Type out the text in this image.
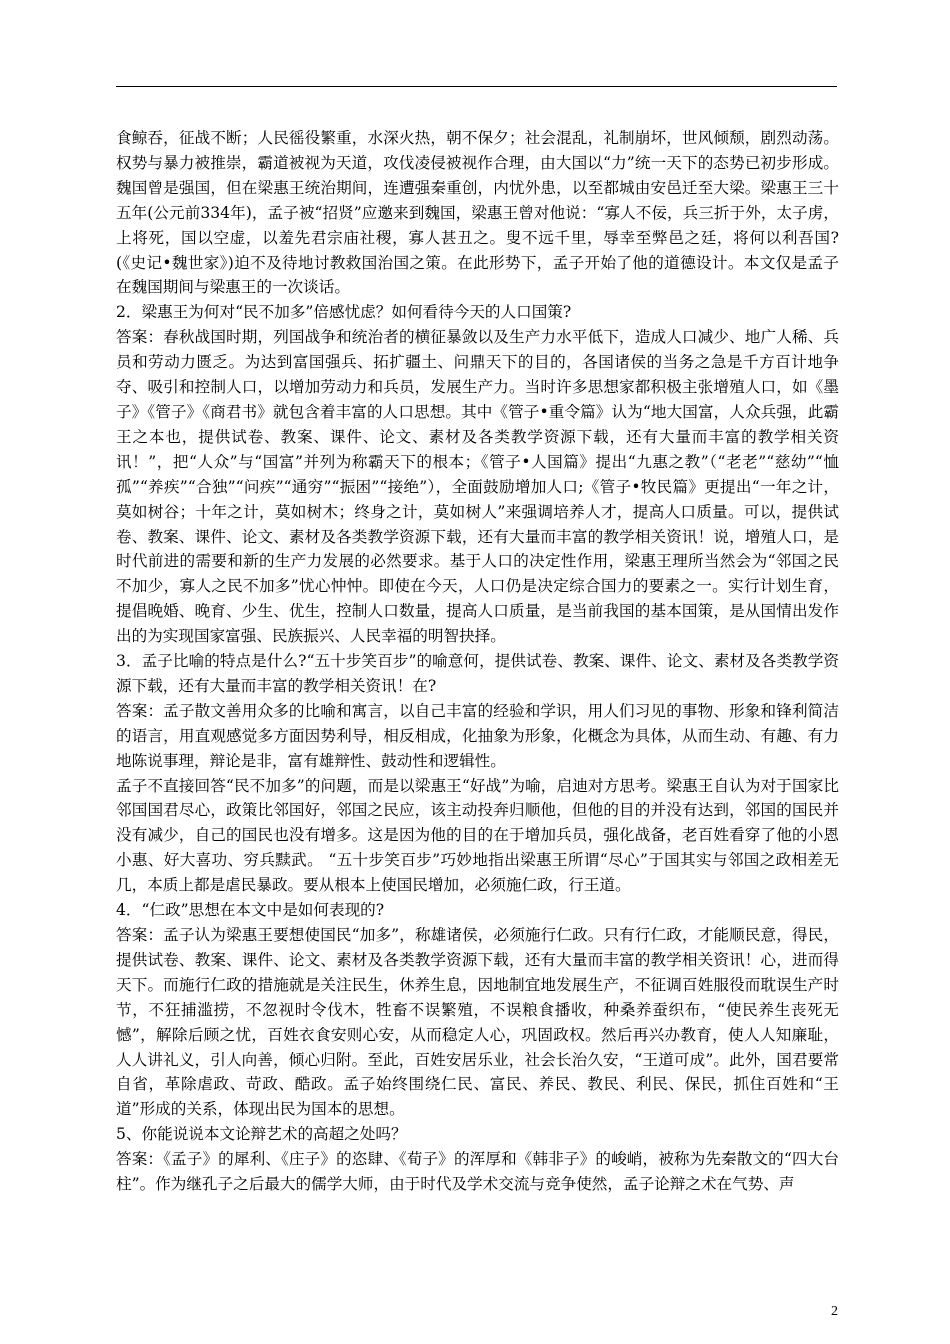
食鲸吞，征战不断；人民徭役繁重，水深火热，朝不保夕；社会混乱，礼制崩坏，世风倾颓，剧烈动荡。权势与暴力被推崇，霸道被视为天道，攻伐凌侵被视作合理，由大国以“力”统一天下的态势已初步形成。魏国曾是强国，但在梁惠王统治期间，连遭强秦重创，内忧外患，以至都城由安邑迁至大梁。梁惠王三十五年(公元前334年)，孟子被“招贤”应邀来到魏国，梁惠王曾对他说：“寡人不佞，兵三折于外，太子虏，上将死，国以空虚，以羞先君宗庙社稷，寡人甚丑之。叟不远千里，辱幸至弊邑之廷，将何以利吾国?(《史记•魏世家》)迫不及待地讨教救国治国之策。在此形势下，孟子开始了他的道德设计。本文仅是孟子在魏国期间与梁惠王的一次谈话。

2．梁惠王为何对“民不加多”倍感忧虑？如何看待今天的人口国策?

答案：春秋战国时期，列国战争和统治者的横征暴敛以及生产力水平低下，造成人口减少、地广人稀、兵员和劳动力匮乏。为达到富国强兵、拓扩疆土、问鼎天下的目的，各国诸侯的当务之急是千方百计地争夺、吸引和控制人口，以增加劳动力和兵员，发展生产力。当时许多思想家都积极主张增殖人口，如《墨子》《管子》《商君书》就包含着丰富的人口思想。其中《管子•重令篇》认为“地大国富，人众兵强，此霸王之本也，提供试卷、教案、课件、论文、素材及各类教学资源下载，还有大量而丰富的教学相关资讯！”，把“人众”与“国富”并列为称霸天下的根本；《管子•人国篇》提出“九惠之教”（“老老”“慈幼”“恤孤”“养疾”“合独”“问疾”“通穷”“振困”“接绝”），全面鼓励增加人口;《管子•牧民篇》更提出“一年之计，莫如树谷；十年之计，莫如树木；终身之计，莫如树人”来强调培养人才，提高人口质量。可以，提供试卷、教案、课件、论文、素材及各类教学资源下载，还有大量而丰富的教学相关资讯！说，增殖人口，是时代前进的需要和新的生产力发展的必然要求。基于人口的决定性作用，梁惠王理所当然会为“邻国之民不加少，寡人之民不加多”忧心忡忡。即使在今天，人口仍是决定综合国力的要素之一。实行计划生育，提倡晚婚、晚育、少生、优生，控制人口数量，提高人口质量，是当前我国的基本国策，是从国情出发作出的为实现国家富强、民族振兴、人民幸福的明智抉择。

3．孟子比喻的特点是什么?“五十步笑百步”的喻意何，提供试卷、教案、课件、论文、素材及各类教学资源下载，还有大量而丰富的教学相关资讯！在?

答案：孟子散文善用众多的比喻和寓言，以自己丰富的经验和学识，用人们习见的事物、形象和锋利简洁的语言，用直观感觉多方面因势利导，相反相成，化抽象为形象，化概念为具体，从而生动、有趣、有力地陈说事理，辩论是非，富有雄辩性、鼓动性和逻辑性。

孟子不直接回答“民不加多”的问题，而是以梁惠王“好战”为喻，启迪对方思考。梁惠王自认为对于国家比邻国国君尽心，政策比邻国好，邻国之民应，该主动投奔归顺他，但他的目的并没有达到，邻国的国民并没有减少，自己的国民也没有增多。这是因为他的目的在于增加兵员，强化战备，老百姓看穿了他的小恩小惠、好大喜功、穷兵黩武。 “五十步笑百步”巧妙地指出梁惠王所谓“尽心”于国其实与邻国之政相差无几，本质上都是虐民暴政。要从根本上使国民增加，必须施仁政，行王道。

4．“仁政”思想在本文中是如何表现的?

答案：孟子认为梁惠王要想使国民“加多”，称雄诸侯，必须施行仁政。只有行仁政，才能顺民意，得民，提供试卷、教案、课件、论文、素材及各类教学资源下载，还有大量而丰富的教学相关资讯！心，进而得天下。而施行仁政的措施就是关注民生，休养生息，因地制宜地发展生产，不征调百姓服役而耽误生产时节，不狂捕滥捞，不忽视时令伐木，牲畜不误繁殖，不误粮食播收，种桑养蚕织布，“使民养生丧死无憾”，解除后顾之忧，百姓衣食安则心安，从而稳定人心，巩固政权。然后再兴办教育，使人人知廉耻，人人讲礼义，引人向善，倾心归附。至此，百姓安居乐业，社会长治久安，“王道可成”。此外，国君要常自省，革除虐政、苛政、酷政。孟子始终围绕仁民、富民、养民、教民、利民、保民，抓住百姓和“王道”形成的关系，体现出民为国本的思想。

5、你能说说本文论辩艺术的高超之处吗？

答案：《孟子》的犀利、《庄子》的恣肆、《荀子》的浑厚和《韩非子》的峻峭，被称为先秦散文的“四大台柱”。作为继孔子之后最大的儒学大师，由于时代及学术交流与竞争使然，孟子论辩之术在气势、声

2
